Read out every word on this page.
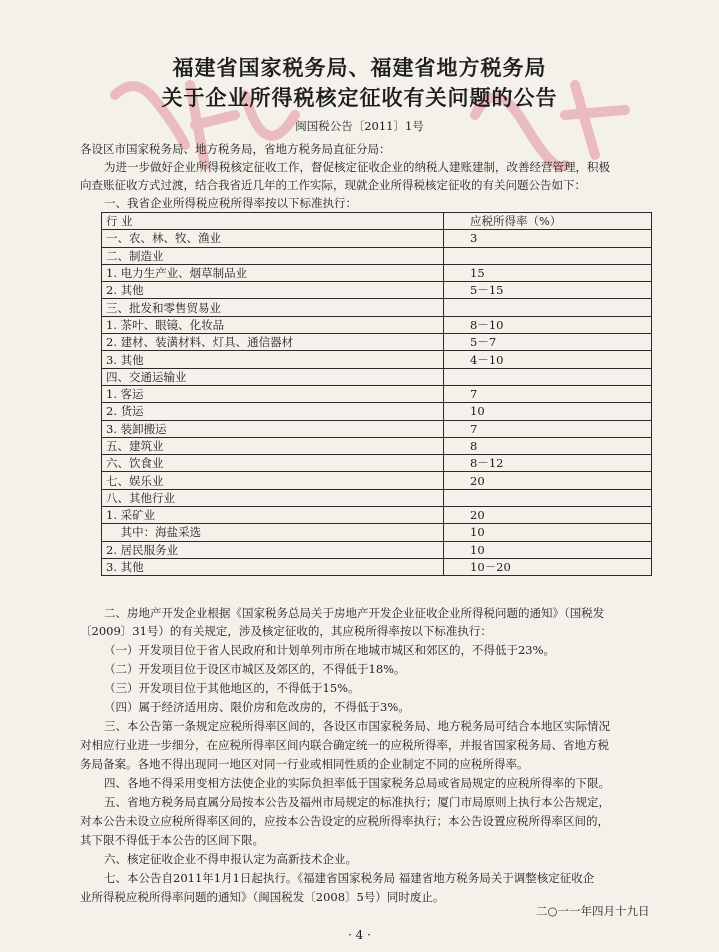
福建省国家税务局、福建省地方税务局
关于企业所得税核定征收有关问题的公告
闽国税公告〔2011〕1号
各设区市国家税务局、地方税务局，省地方税务局直征分局：
为进一步做好企业所得税核定征收工作，督促核定征收企业的纳税人建账建制，改善经营管理，积极
向查账征收方式过渡，结合我省近几年的工作实际，现就企业所得税核定征收的有关问题公告如下：
一、我省企业所得税应税所得率按以下标准执行：
行 业	应税所得率（%）
一、农、林、牧、渔业	3
二、制造业	
1. 电力生产业、烟草制品业	15
2. 其他	5－15
三、批发和零售贸易业	
1. 茶叶、眼镜、化妆品	8－10
2. 建材、装潢材料、灯具、通信器材	5－7
3. 其他	4－10
四、交通运输业	
1. 客运	7
2. 货运	10
3. 装卸搬运	7
五、建筑业	8
六、饮食业	8－12
七、娱乐业	20
八、其他行业	
1. 采矿业	20
其中：海盐采选	10
2. 居民服务业	10
3. 其他	10－20
二、房地产开发企业根据《国家税务总局关于房地产开发企业征收企业所得税问题的通知》（国税发
〔2009〕31号）的有关规定，涉及核定征收的，其应税所得率按以下标准执行：
（一）开发项目位于省人民政府和计划单列市所在地城市城区和郊区的，不得低于23%。
（二）开发项目位于设区市城区及郊区的，不得低于18%。
（三）开发项目位于其他地区的，不得低于15%。
（四）属于经济适用房、限价房和危改房的，不得低于3%。
三、本公告第一条规定应税所得率区间的，各设区市国家税务局、地方税务局可结合本地区实际情况
对相应行业进一步细分，在应税所得率区间内联合确定统一的应税所得率，并报省国家税务局、省地方税
务局备案。各地不得出现同一地区对同一行业或相同性质的企业制定不同的应税所得率。
四、各地不得采用变相方法使企业的实际负担率低于国家税务总局或省局规定的应税所得率的下限。
五、省地方税务局直属分局按本公告及福州市局规定的标准执行；厦门市局原则上执行本公告规定，
对本公告未设立应税所得率区间的，应按本公告设定的应税所得率执行；本公告设置应税所得率区间的，
其下限不得低于本公告的区间下限。
六、核定征收企业不得申报认定为高新技术企业。
七、本公告自2011年1月1日起执行。《福建省国家税务局 福建省地方税务局关于调整核定征收企
业所得税应税所得率问题的通知》（闽国税发〔2008〕5号）同时废止。
二○一一年四月十九日
· 4 ·
